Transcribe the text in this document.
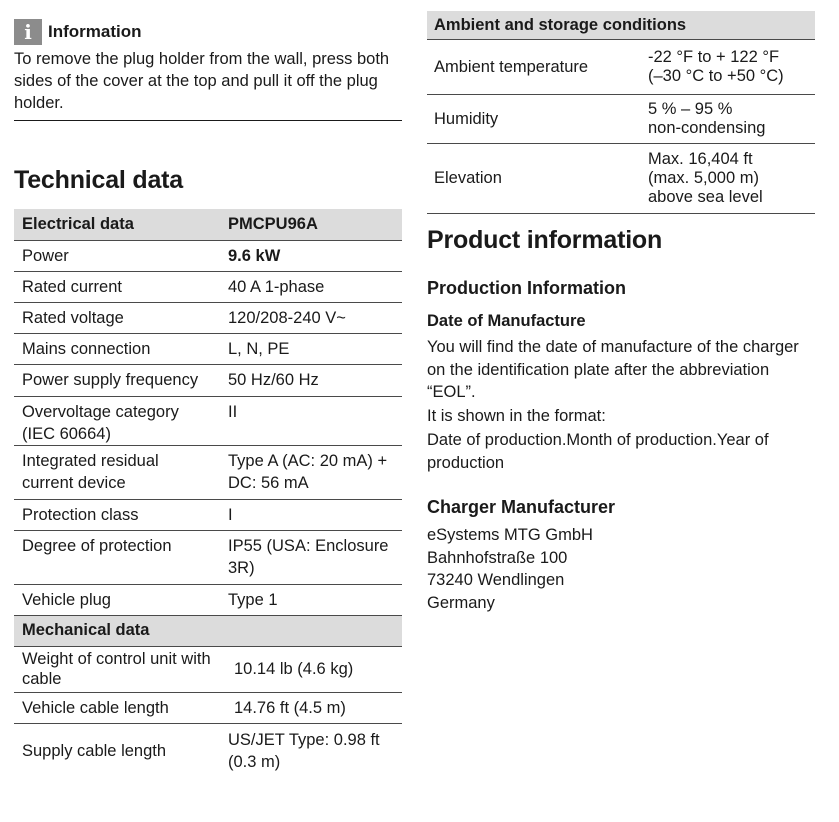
i Information
To remove the plug holder from the wall, press both sides of the cover at the top and pull it off the plug holder.
Technical data
Electrical data	PMCPU96A
Power	9.6 kW
Rated current	40 A 1-phase
Rated voltage	120/208-240 V~
Mains connection	L, N, PE
Power supply frequency	50 Hz/60 Hz
Overvoltage category (IEC 60664)	II
Integrated residual current device	Type A (AC: 20 mA) + DC: 56 mA
Protection class	I
Degree of protection	IP55 (USA: Enclosure 3R)
Vehicle plug	Type 1
Mechanical data	
Weight of control unit with cable	10.14 lb (4.6 kg)
Vehicle cable length	14.76 ft (4.5 m)
Supply cable length	US/JET Type: 0.98 ft (0.3 m)
Ambient and storage conditions	
Ambient temperature	-22 °F to + 122 °F
(–30 °C to +50 °C)

Humidity	5 % – 95 %
non-condensing

Elevation	Max. 16,404 ft
(max. 5,000 m)
above sea level
Product information
Production Information
Date of Manufacture
You will find the date of manufacture of the charger on the identification plate after the abbreviation “EOL”.
It is shown in the format:
Date of production.Month of production.Year of production
Charger Manufacturer
eSystems MTG GmbH
Bahnhofstraße 100
73240 Wendlingen
Germany
